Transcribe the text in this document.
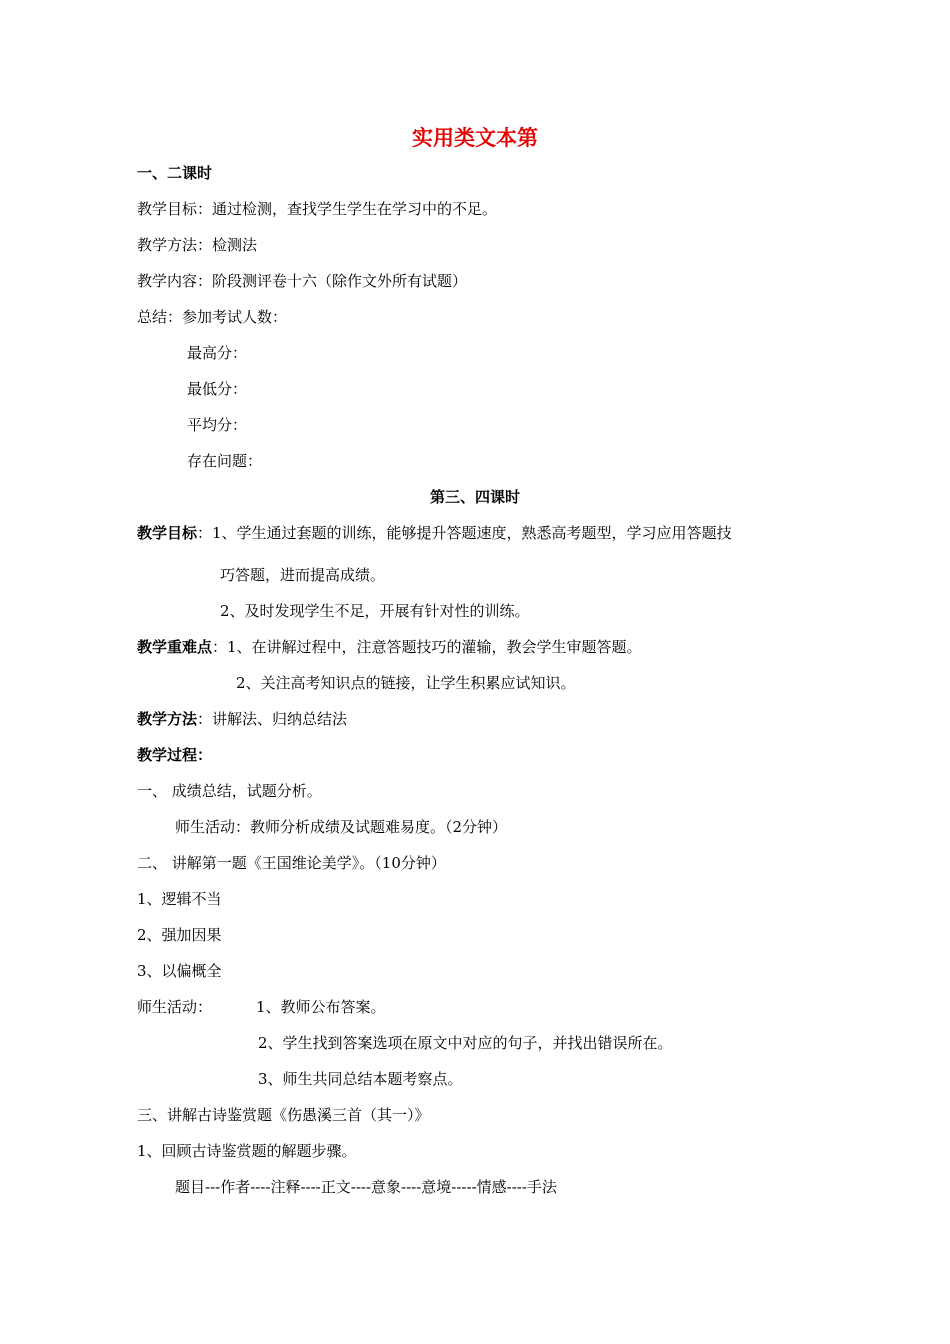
实用类文本第
一、二课时
教学目标：通过检测，查找学生学生在学习中的不足。
教学方法：检测法
教学内容：阶段测评卷十六（除作文外所有试题）
总结：参加考试人数：
最高分：
最低分：
平均分：
存在问题：
第三、四课时
教学目标：1、学生通过套题的训练，能够提升答题速度，熟悉高考题型，学习应用答题技
巧答题，进而提高成绩。
2、及时发现学生不足，开展有针对性的训练。
教学重难点：1、在讲解过程中，注意答题技巧的灌输，教会学生审题答题。
2、关注高考知识点的链接，让学生积累应试知识。
教学方法：讲解法、归纳总结法
教学过程：
一、 成绩总结，试题分析。
师生活动：教师分析成绩及试题难易度。（2分钟）
二、 讲解第一题《王国维论美学》。（10分钟）
1、逻辑不当
2、强加因果
3、以偏概全
师生活动：	1、教师公布答案。
2、学生找到答案选项在原文中对应的句子，并找出错误所在。
3、师生共同总结本题考察点。
三、讲解古诗鉴赏题《伤愚溪三首（其一）》
1、回顾古诗鉴赏题的解题步骤。
题目---作者----注释----正文----意象----意境-----情感----手法
